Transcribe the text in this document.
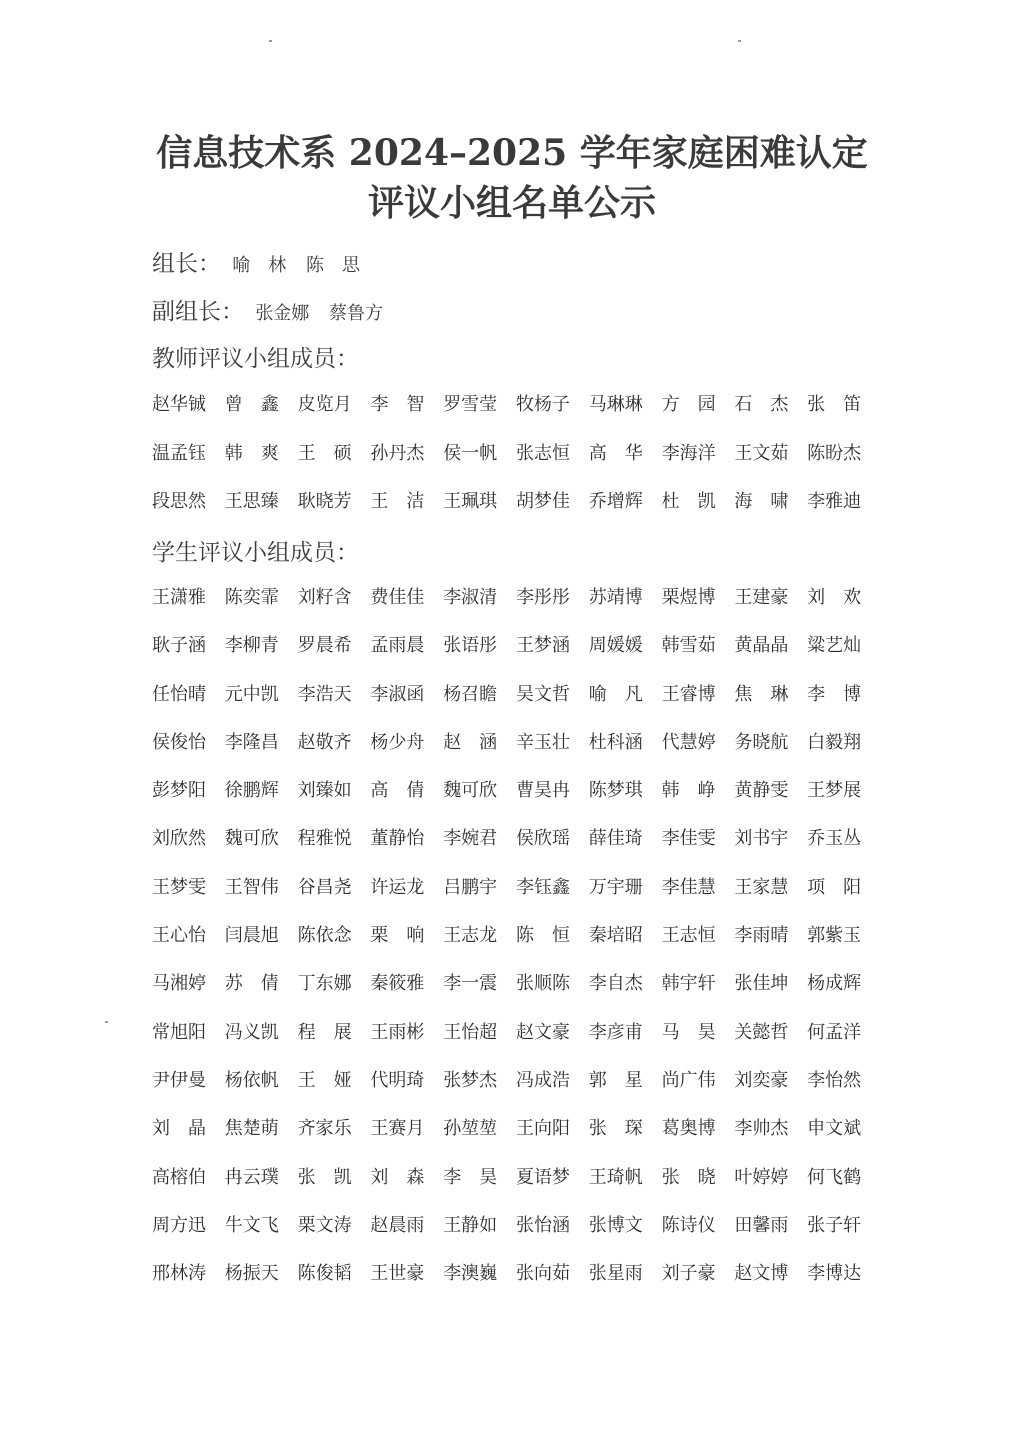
信息技术系 2024–2025 学年家庭困难认定
评议小组名单公示
组长： 喻　林 陈　思
副组长： 张金娜 蔡鲁方
教师评议小组成员：
赵华铖	曾　鑫	皮览月	李　智	罗雪莹	牧杨子	马琳琳	方　园	石　杰	张　笛
温孟钰	韩　爽	王　硕	孙丹杰	侯一帆	张志恒	高　华	李海洋	王文茹	陈盼杰
段思然	王思臻	耿晓芳	王　洁	王珮琪	胡梦佳	乔增辉	杜　凯	海　啸	李雅迪
学生评议小组成员：
王潇雅	陈奕霏	刘籽含	费佳佳	李淑清	李彤彤	苏靖博	栗煜博	王建豪	刘　欢
耿子涵	李柳青	罗晨希	孟雨晨	张语彤	王梦涵	周媛媛	韩雪茹	黄晶晶	粱艺灿
任怡晴	元中凯	李浩天	李淑函	杨召瞻	吴文哲	喻　凡	王睿博	焦　琳	李　博
侯俊怡	李隆昌	赵敬齐	杨少舟	赵　涵	辛玉壮	杜科涵	代慧婷	务晓航	白毅翔
彭梦阳	徐鹏辉	刘臻如	高　倩	魏可欣	曹昊冉	陈梦琪	韩　峥	黄静雯	王梦展
刘欣然	魏可欣	程雅悦	董静怡	李婉君	侯欣瑶	薛佳琦	李佳雯	刘书宇	乔玉丛
王梦雯	王智伟	谷昌尧	许运龙	吕鹏宇	李钰鑫	万宇珊	李佳慧	王家慧	项　阳
王心怡	闫晨旭	陈依念	栗　响	王志龙	陈　恒	秦培昭	王志恒	李雨晴	郭紫玉
马湘婷	苏　倩	丁东娜	秦筱雅	李一震	张顺陈	李自杰	韩宇轩	张佳坤	杨成辉
常旭阳	冯义凯	程　展	王雨彬	王怡超	赵文豪	李彦甫	马　昊	关懿哲	何孟洋
尹伊曼	杨依帆	王　娅	代明琦	张梦杰	冯成浩	郭　星	尚广伟	刘奕豪	李怡然
刘　晶	焦楚萌	齐家乐	王赛月	孙堃堃	王向阳	张　琛	葛奥博	李帅杰	申文斌
高榕伯	冉云璞	张　凯	刘　森	李　昊	夏语梦	王琦帆	张　晓	叶婷婷	何飞鹤
周方迅	牛文飞	栗文涛	赵晨雨	王静如	张怡涵	张博文	陈诗仪	田馨雨	张子轩
邢林涛	杨振天	陈俊韬	王世豪	李澳巍	张向茹	张星雨	刘子豪	赵文博	李博达
